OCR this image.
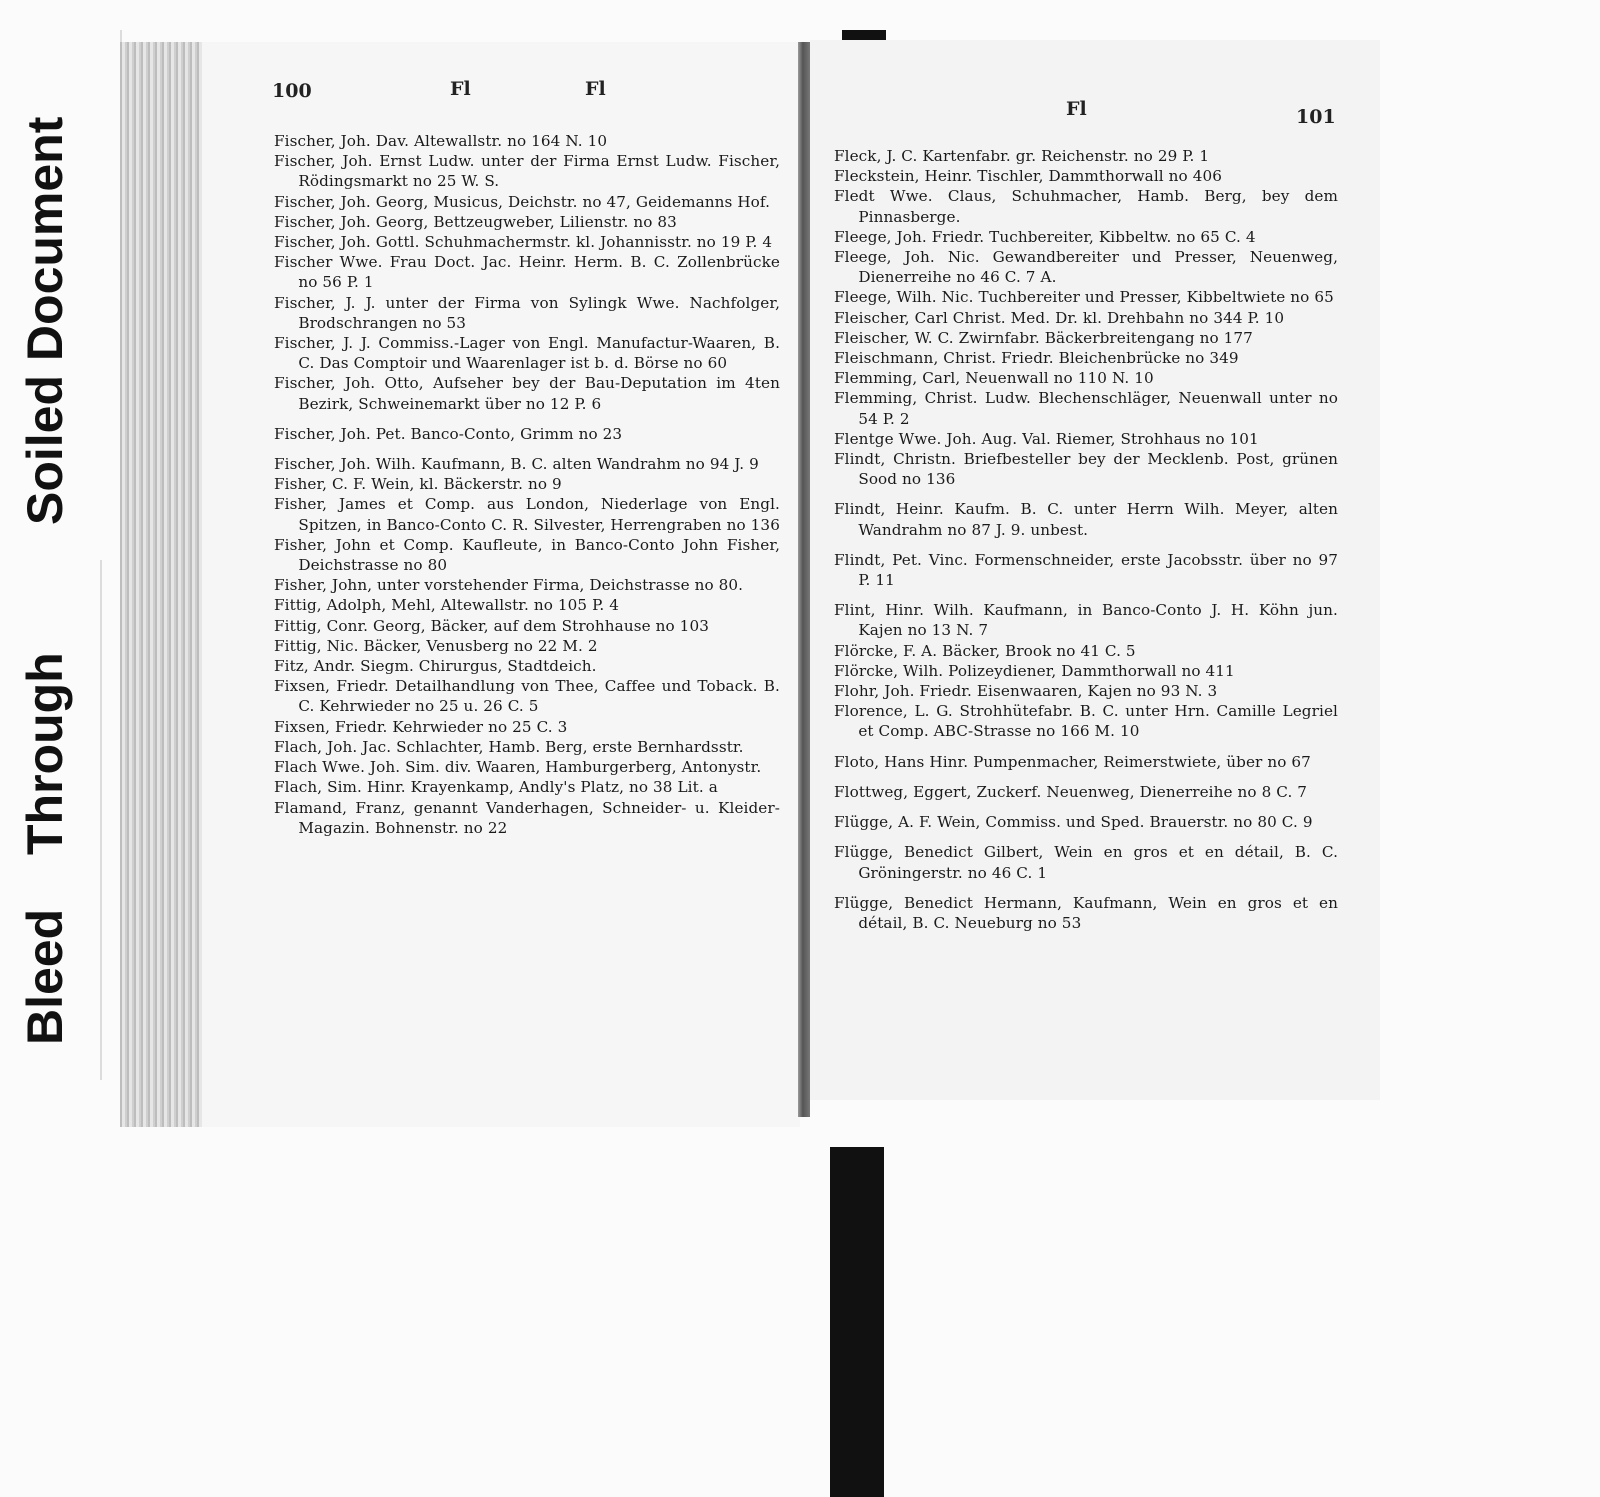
Bleed
Through
Soiled Document
100	Fl	Fl
Fl	101
Fischer, Joh. Dav. Altewallstr. no 164 N. 10
Fischer, Joh. Ernst Ludw. unter der Firma Ernst Ludw. Fischer, Rödingsmarkt no 25 W. S.
Fischer, Joh. Georg, Musicus, Deichstr. no 47, Geidemanns Hof.
Fischer, Joh. Georg, Bettzeugweber, Lilienstr. no 83
Fischer, Joh. Gottl. Schuhmachermstr. kl. Johannisstr. no 19 P. 4
Fischer Wwe. Frau Doct. Jac. Heinr. Herm. B. C. Zollenbrücke no 56 P. 1
Fischer, J. J. unter der Firma von Sylingk Wwe. Nachfolger, Brodschrangen no 53
Fischer, J. J. Commiss.-Lager von Engl. Manufactur-Waaren, B. C. Das Comptoir und Waarenlager ist b. d. Börse no 60
Fischer, Joh. Otto, Aufseher bey der Bau-Deputation im 4ten Bezirk, Schweinemarkt über no 12 P. 6
Fischer, Joh. Pet. Banco-Conto, Grimm no 23
Fischer, Joh. Wilh. Kaufmann, B. C. alten Wandrahm no 94 J. 9
Fisher, C. F. Wein, kl. Bäckerstr. no 9
Fisher, James et Comp. aus London, Niederlage von Engl. Spitzen, in Banco-Conto C. R. Silvester, Herrengraben no 136
Fisher, John et Comp. Kaufleute, in Banco-Conto John Fisher, Deichstrasse no 80
Fisher, John, unter vorstehender Firma, Deichstrasse no 80.
Fittig, Adolph, Mehl, Altewallstr. no 105 P. 4
Fittig, Conr. Georg, Bäcker, auf dem Strohhause no 103
Fittig, Nic. Bäcker, Venusberg no 22 M. 2
Fitz, Andr. Siegm. Chirurgus, Stadtdeich.
Fixsen, Friedr. Detailhandlung von Thee, Caffee und Toback. B. C. Kehrwieder no 25 u. 26 C. 5
Fixsen, Friedr. Kehrwieder no 25 C. 3
Flach, Joh. Jac. Schlachter, Hamb. Berg, erste Bernhardsstr.
Flach Wwe. Joh. Sim. div. Waaren, Hamburgerberg, Antonystr.
Flach, Sim. Hinr. Krayenkamp, Andly's Platz, no 38 Lit. a
Flamand, Franz, genannt Vanderhagen, Schneider- u. Kleider-Magazin. Bohnenstr. no 22
Fleck, J. C. Kartenfabr. gr. Reichenstr. no 29 P. 1
Fleckstein, Heinr. Tischler, Dammthorwall no 406
Fledt Wwe. Claus, Schuhmacher, Hamb. Berg, bey dem Pinnasberge.
Fleege, Joh. Friedr. Tuchbereiter, Kibbeltw. no 65 C. 4
Fleege, Joh. Nic. Gewandbereiter und Presser, Neuenweg, Dienerreihe no 46 C. 7 A.
Fleege, Wilh. Nic. Tuchbereiter und Presser, Kibbeltwiete no 65
Fleischer, Carl Christ. Med. Dr. kl. Drehbahn no 344 P. 10
Fleischer, W. C. Zwirnfabr. Bäckerbreitengang no 177
Fleischmann, Christ. Friedr. Bleichenbrücke no 349
Flemming, Carl, Neuenwall no 110 N. 10
Flemming, Christ. Ludw. Blechenschläger, Neuenwall unter no 54 P. 2
Flentge Wwe. Joh. Aug. Val. Riemer, Strohhaus no 101
Flindt, Christn. Briefbesteller bey der Mecklenb. Post, grünen Sood no 136
Flindt, Heinr. Kaufm. B. C. unter Herrn Wilh. Meyer, alten Wandrahm no 87 J. 9. unbest.
Flindt, Pet. Vinc. Formenschneider, erste Jacobsstr. über no 97 P. 11
Flint, Hinr. Wilh. Kaufmann, in Banco-Conto J. H. Köhn jun. Kajen no 13 N. 7
Flörcke, F. A. Bäcker, Brook no 41 C. 5
Flörcke, Wilh. Polizeydiener, Dammthorwall no 411
Flohr, Joh. Friedr. Eisenwaaren, Kajen no 93 N. 3
Florence, L. G. Strohhütefabr. B. C. unter Hrn. Camille Legriel et Comp. ABC-Strasse no 166 M. 10
Floto, Hans Hinr. Pumpenmacher, Reimerstwiete, über no 67
Flottweg, Eggert, Zuckerf. Neuenweg, Dienerreihe no 8 C. 7
Flügge, A. F. Wein, Commiss. und Sped. Brauerstr. no 80 C. 9
Flügge, Benedict Gilbert, Wein en gros et en détail, B. C. Gröningerstr. no 46 C. 1
Flügge, Benedict Hermann, Kaufmann, Wein en gros et en détail, B. C. Neueburg no 53
